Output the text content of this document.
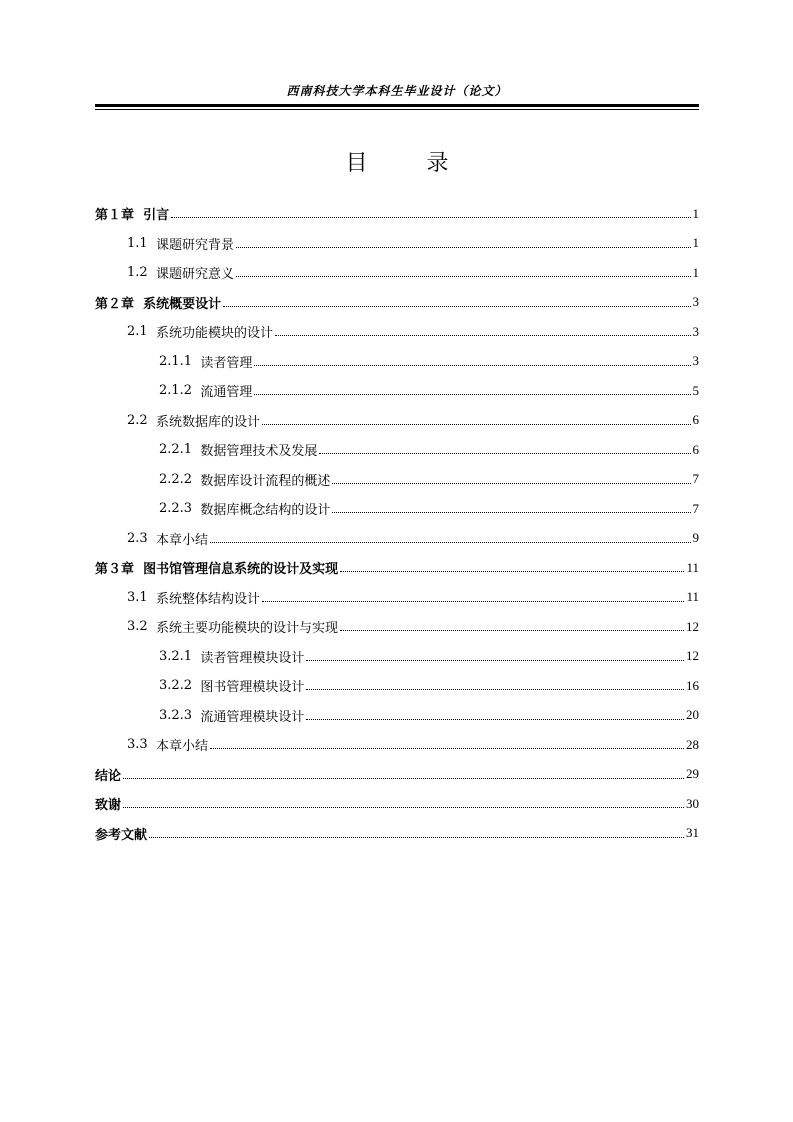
西南科技大学本科生毕业设计（论文）
目 录
第１章 引言	1
1.1 课题研究背景	1
1.2 课题研究意义	1
第２章 系统概要设计	3
2.1 系统功能模块的设计	3
2.1.1 读者管理	3
2.1.2 流通管理	5
2.2 系统数据库的设计	6
2.2.1 数据管理技术及发展	6
2.2.2 数据库设计流程的概述	7
2.2.3 数据库概念结构的设计	7
2.3 本章小结	9
第３章 图书馆管理信息系统的设计及实现	11
3.1 系统整体结构设计	11
3.2 系统主要功能模块的设计与实现	12
3.2.1 读者管理模块设计	12
3.2.2 图书管理模块设计	16
3.2.3 流通管理模块设计	20
3.3 本章小结	28
结论	29
致谢	30
参考文献	31
